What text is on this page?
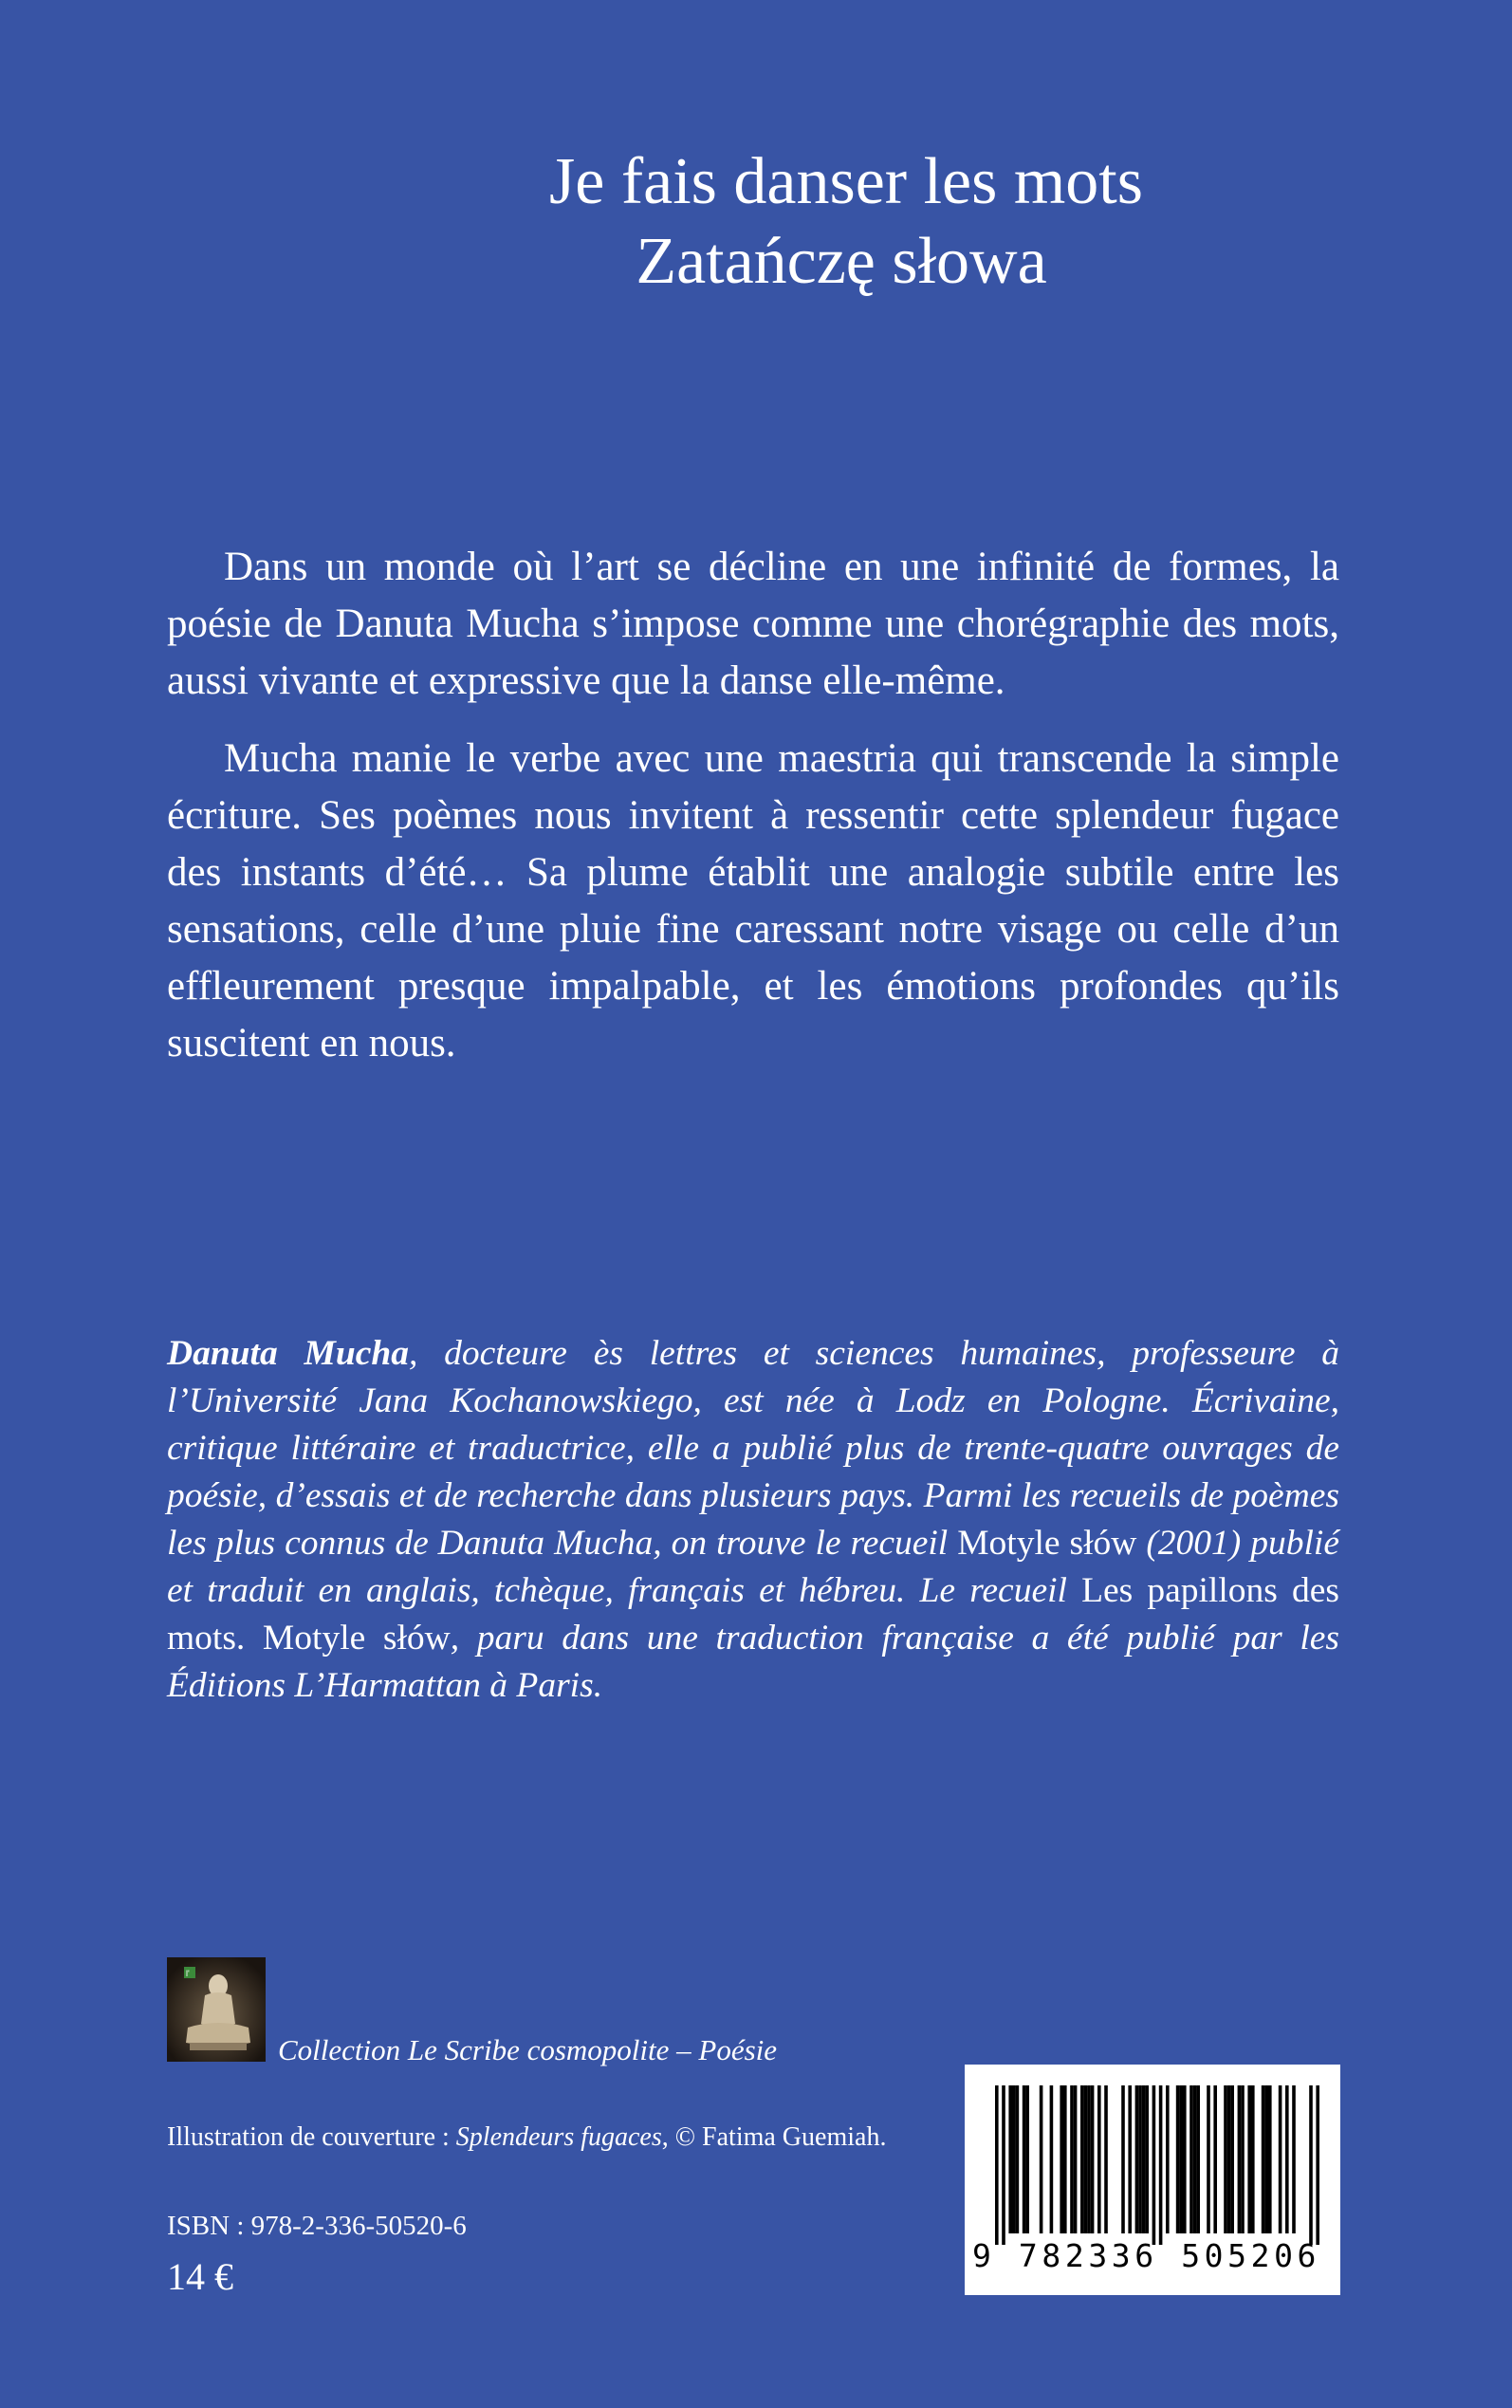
Je fais danser les mots
Zatańczę słowa

Dans un monde où l’art se décline en une infinité de formes, la poésie de Danuta Mucha s’impose comme une chorégraphie des mots, aussi vivante et expressive que la danse elle-même.

Mucha manie le verbe avec une maestria qui transcende la simple écriture. Ses poèmes nous invitent à ressentir cette splendeur fugace des instants d’été… Sa plume établit une analogie subtile entre les sensations, celle d’une pluie fine caressant notre visage ou celle d’un effleurement presque impalpable, et les émotions profondes qu’ils suscitent en nous.

Danuta Mucha, docteure ès lettres et sciences humaines, professeure à l’Université Jana Kochanowskiego, est née à Lodz en Pologne. Écrivaine, critique littéraire et traductrice, elle a publié plus de trente-quatre ouvrages de poésie, d’essais et de recherche dans plusieurs pays. Parmi les recueils de poèmes les plus connus de Danuta Mucha, on trouve le recueil Motyle słów (2001) publié et traduit en anglais, tchèque, français et hébreu. Le recueil Les papillons des mots. Motyle słów, paru dans une traduction française a été publié par les Éditions L’Harmattan à Paris.

l'
Collection Le Scribe cosmopolite – Poésie
Illustration de couverture : Splendeurs fugaces, © Fatima Guemiah.
ISBN : 978-2-336-50520-6
14 €	9 782336 505206
